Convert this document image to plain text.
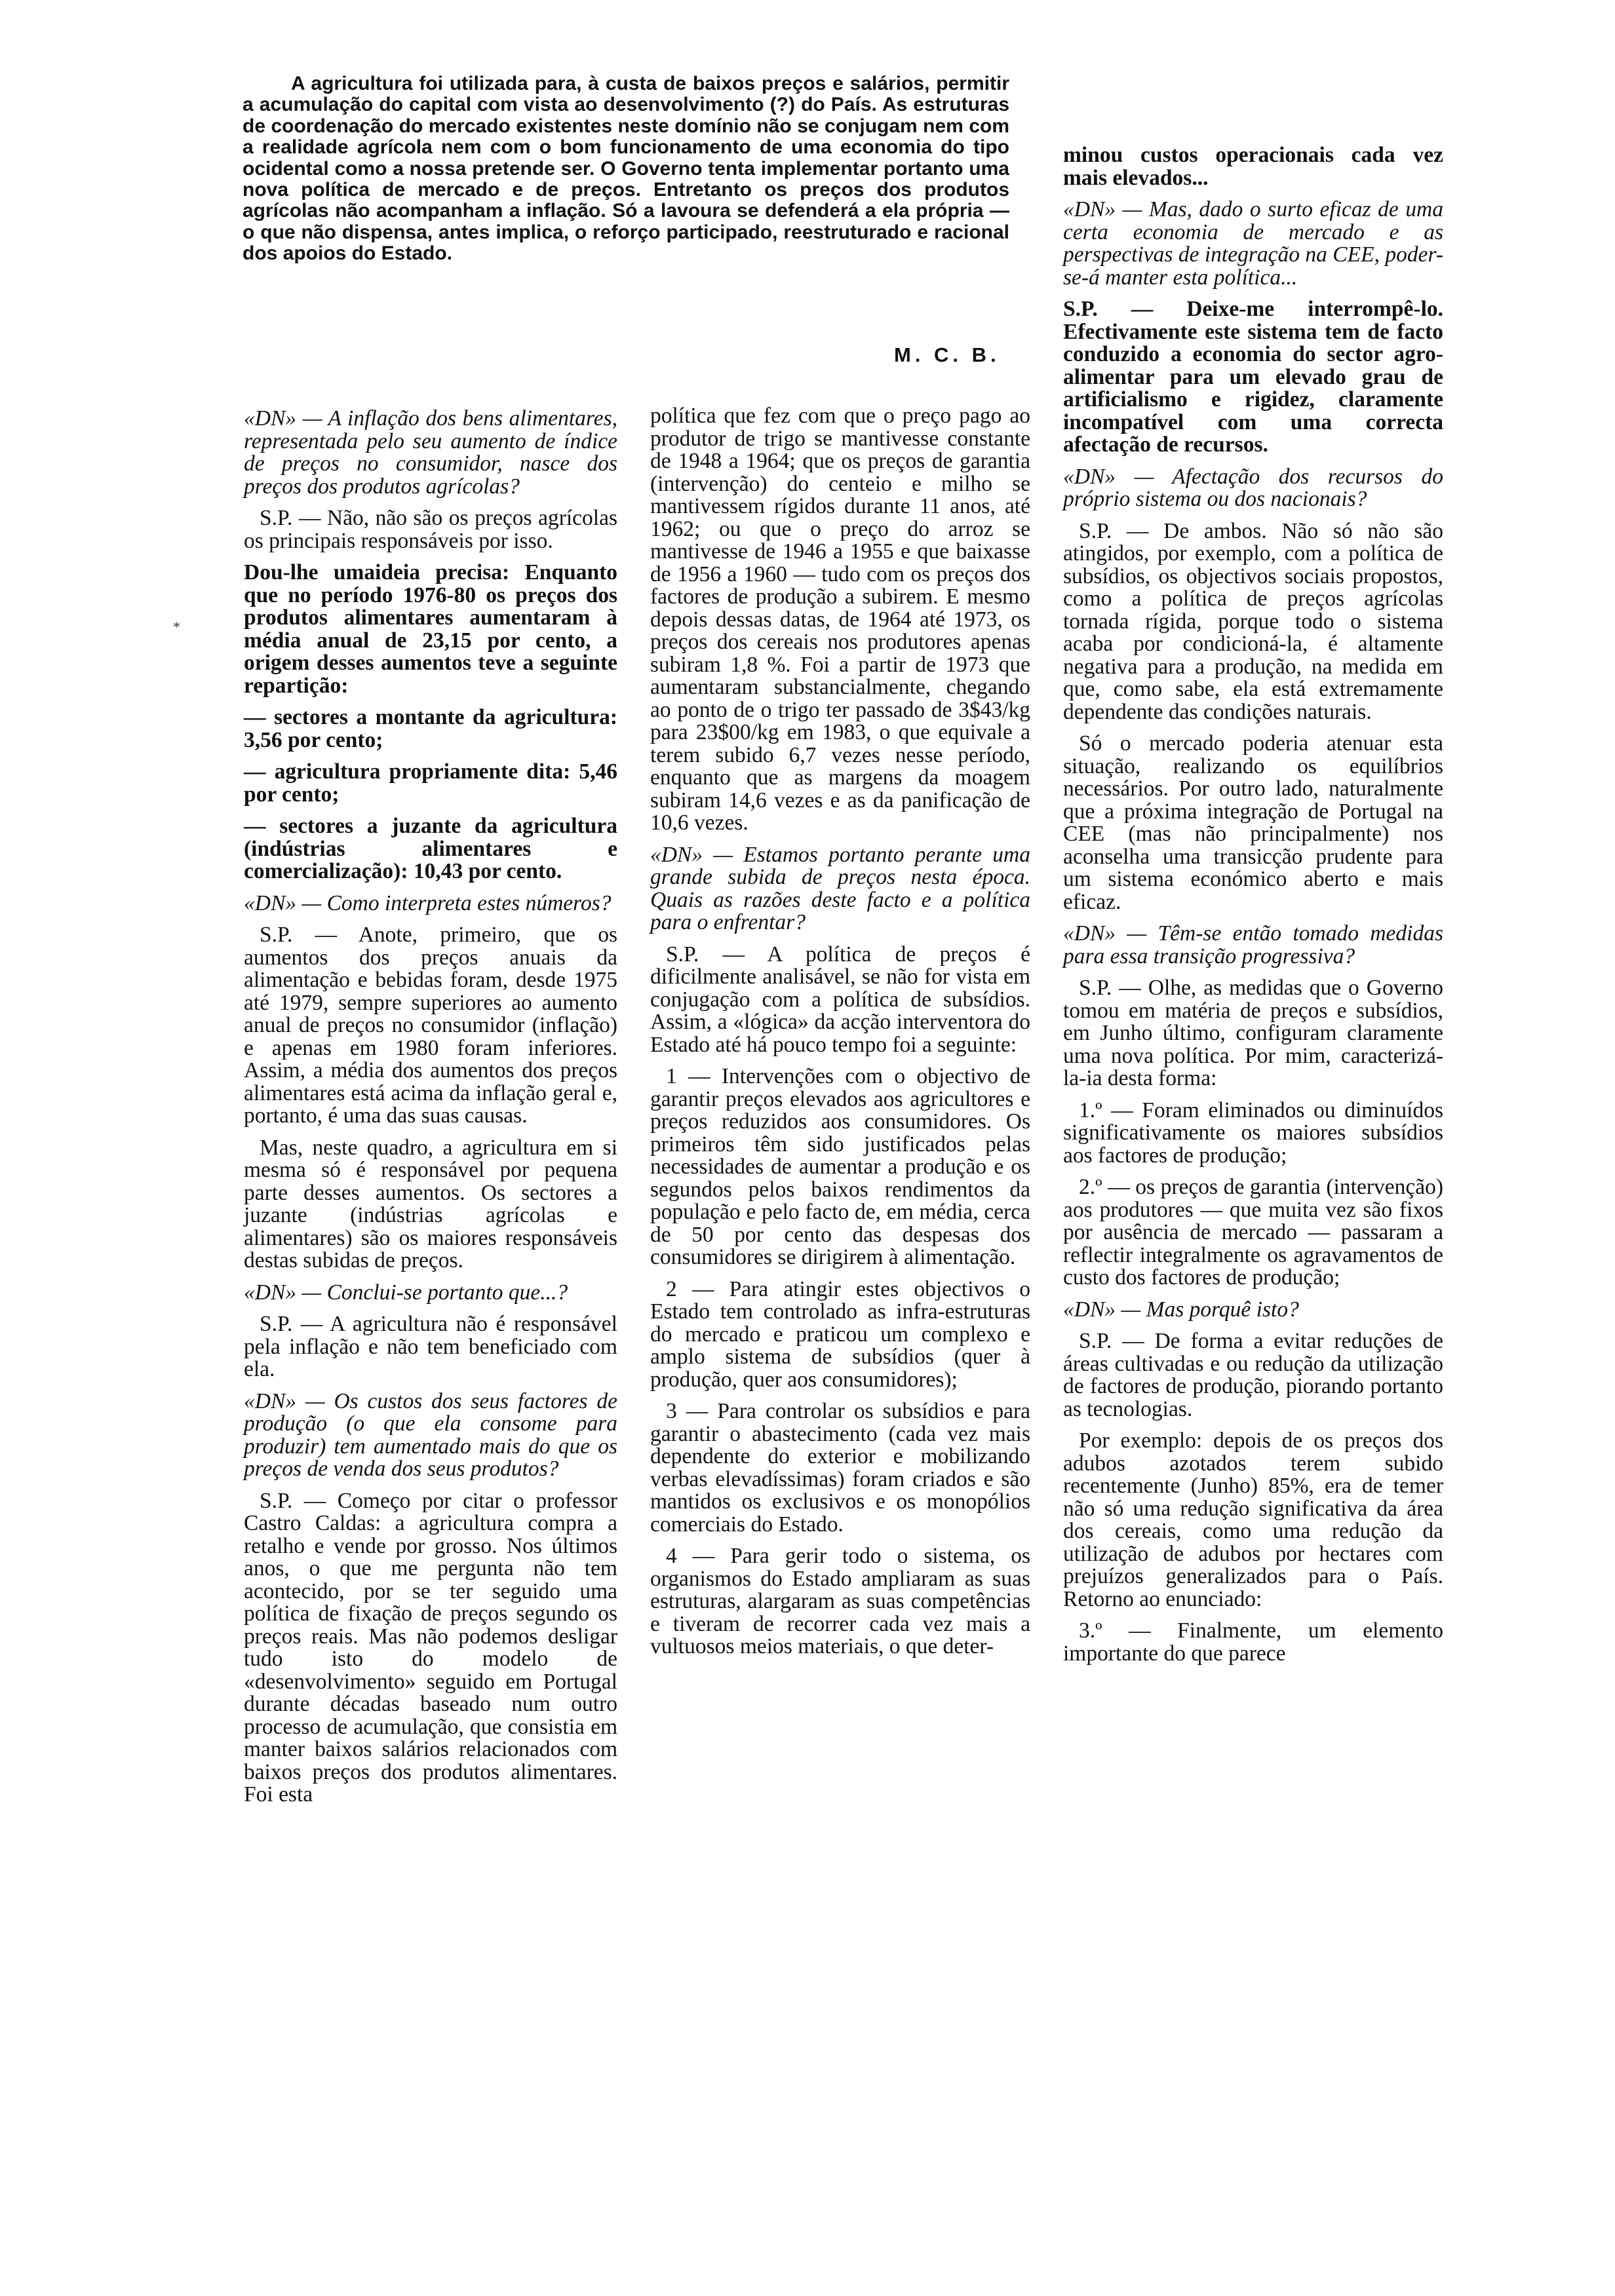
A agricultura foi utilizada para, à custa de baixos preços e salários, permitir a acumulação do capital com vista ao desenvolvimento (?) do País. As estruturas de coordenação do mercado existentes neste domínio não se conjugam nem com a realidade agrícola nem com o bom funcionamento de uma economia do tipo ocidental como a nossa pretende ser. O Governo tenta implementar portanto uma nova política de mercado e de preços. Entretanto os preços dos produtos agrícolas não acompanham a inflação. Só a lavoura se defenderá a ela própria — o que não dispensa, antes implica, o reforço participado, reestruturado e racional dos apoios do Estado.

M. C. B.
*

«DN» — A inflação dos bens alimentares, representada pelo seu aumento de índice de preços no consumidor, nasce dos preços dos produtos agrícolas?

S.P. — Não, não são os preços agrícolas os principais responsáveis por isso.

Dou-lhe umaideia precisa: Enquanto que no período 1976-80 os preços dos produtos alimentares aumentaram à média anual de 23,15 por cento, a origem desses aumentos teve a seguinte repartição:

— sectores a montante da agricultura: 3,56 por cento;

— agricultura propriamente dita: 5,46 por cento;

— sectores a juzante da agricultura (indústrias alimentares e comercialização): 10,43 por cento.

«DN» — Como interpreta estes números?

S.P. — Anote, primeiro, que os aumentos dos preços anuais da alimentação e bebidas foram, desde 1975 até 1979, sempre superiores ao aumento anual de preços no consumidor (inflação) e apenas em 1980 foram inferiores. Assim, a média dos aumentos dos preços alimentares está acima da inflação geral e, portanto, é uma das suas causas.

Mas, neste quadro, a agricultura em si mesma só é responsável por pequena parte desses aumentos. Os sectores a juzante (indústrias agrícolas e alimentares) são os maiores responsáveis destas subidas de preços.

«DN» — Conclui-se portanto que...?

S.P. — A agricultura não é responsável pela inflação e não tem beneficiado com ela.

«DN» — Os custos dos seus factores de produção (o que ela consome para produzir) tem aumentado mais do que os preços de venda dos seus produtos?

S.P. — Começo por citar o professor Castro Caldas: a agricultura compra a retalho e vende por grosso. Nos últimos anos, o que me pergunta não tem acontecido, por se ter seguido uma política de fixação de preços segundo os preços reais. Mas não podemos desligar tudo isto do modelo de «desenvolvimento» seguido em Portugal durante décadas baseado num outro processo de acumulação, que consistia em manter baixos salários relacionados com baixos preços dos produtos alimentares. Foi esta

política que fez com que o preço pago ao produtor de trigo se mantivesse constante de 1948 a 1964; que os preços de garantia (intervenção) do centeio e milho se mantivessem rígidos durante 11 anos, até 1962; ou que o preço do arroz se mantivesse de 1946 a 1955 e que baixasse de 1956 a 1960 — tudo com os preços dos factores de produção a subirem. E mesmo depois dessas datas, de 1964 até 1973, os preços dos cereais nos produtores apenas subiram 1,8 %. Foi a partir de 1973 que aumentaram substancialmente, chegando ao ponto de o trigo ter passado de 3$43/kg para 23$00/kg em 1983, o que equivale a terem subido 6,7 vezes nesse período, enquanto que as margens da moagem subiram 14,6 vezes e as da panificação de 10,6 vezes.

«DN» — Estamos portanto perante uma grande subida de preços nesta época. Quais as razões deste facto e a política para o enfrentar?

S.P. — A política de preços é dificilmente analisável, se não for vista em conjugação com a política de subsídios. Assim, a «lógica» da acção interventora do Estado até há pouco tempo foi a seguinte:

1 — Intervenções com o objectivo de garantir preços elevados aos agricultores e preços reduzidos aos consumidores. Os primeiros têm sido justificados pelas necessidades de aumentar a produção e os segundos pelos baixos rendimentos da população e pelo facto de, em média, cerca de 50 por cento das despesas dos consumidores se dirigirem à alimentação.

2 — Para atingir estes objectivos o Estado tem controlado as infra-estruturas do mercado e praticou um complexo e amplo sistema de subsídios (quer à produção, quer aos consumidores);

3 — Para controlar os subsídios e para garantir o abastecimento (cada vez mais dependente do exterior e mobilizando verbas elevadíssimas) foram criados e são mantidos os exclusivos e os monopólios comerciais do Estado.

4 — Para gerir todo o sistema, os organismos do Estado ampliaram as suas estruturas, alargaram as suas competências e tiveram de recorrer cada vez mais a vultuosos meios materiais, o que deter-

minou custos operacionais cada vez mais elevados...

«DN» — Mas, dado o surto eficaz de uma certa economia de mercado e as perspectivas de integração na CEE, poder-se-á manter esta política...

S.P. — Deixe-me interrompê-lo. Efectivamente este sistema tem de facto conduzido a economia do sector agro-alimentar para um elevado grau de artificialismo e rigidez, claramente incompatível com uma correcta afectação de recursos.

«DN» — Afectação dos recursos do próprio sistema ou dos nacionais?

S.P. — De ambos. Não só não são atingidos, por exemplo, com a política de subsídios, os objectivos sociais propostos, como a política de preços agrícolas tornada rígida, porque todo o sistema acaba por condicioná-la, é altamente negativa para a produção, na medida em que, como sabe, ela está extremamente dependente das condições naturais.

Só o mercado poderia atenuar esta situação, realizando os equilíbrios necessários. Por outro lado, naturalmente que a próxima integração de Portugal na CEE (mas não principalmente) nos aconselha uma transicção prudente para um sistema económico aberto e mais eficaz.

«DN» — Têm-se então tomado medidas para essa transição progressiva?

S.P. — Olhe, as medidas que o Governo tomou em matéria de preços e subsídios, em Junho último, configuram claramente uma nova política. Por mim, caracterizá-la-ia desta forma:

1.º — Foram eliminados ou diminuídos significativamente os maiores subsídios aos factores de produção;

2.º — os preços de garantia (intervenção) aos produtores — que muita vez são fixos por ausência de mercado — passaram a reflectir integralmente os agravamentos de custo dos factores de produção;

«DN» — Mas porquê isto?

S.P. — De forma a evitar reduções de áreas cultivadas e ou redução da utilização de factores de produção, piorando portanto as tecnologias.

Por exemplo: depois de os preços dos adubos azotados terem subido recentemente (Junho) 85%, era de temer não só uma redução significativa da área dos cereais, como uma redução da utilização de adubos por hectares com prejuízos generalizados para o País. Retorno ao enunciado:

3.º — Finalmente, um elemento importante do que parece
